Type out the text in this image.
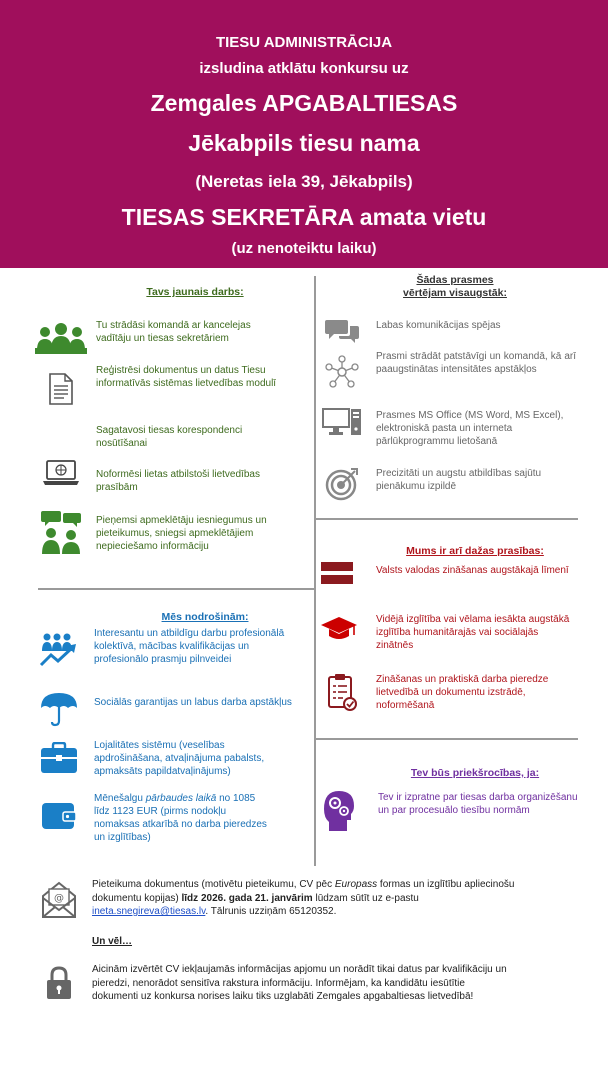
TIESU ADMINISTRĀCIJA
izsludina atklātu konkursu uz
Zemgales APGABALTIESAS
Jēkabpils tiesu nama
(Neretas iela 39, Jēkabpils)
TIESAS SEKRETĀRA amata vietu
(uz nenoteiktu laiku)
Tavs jaunais darbs:
Tu strādāsi komandā ar kancelejas vadītāju un tiesas sekretāriem
Reģistrēsi dokumentus un datus Tiesu informatīvās sistēmas lietvedības modulī
Sagatavosi tiesas korespondenci nosūtīšanai
Noformēsi lietas atbilstoši lietvedības prasībām
Pieņemsi apmeklētāju iesniegumus un pieteikumus, sniegsi apmeklētājiem nepieciešamo informāciju
Šādas prasmes
vērtējam visaugstāk:
Labas komunikācijas spējas
Prasmi strādāt patstāvīgi un komandā, kā arī paaugstinātas intensitātes apstākļos
Prasmes MS Office (MS Word, MS Excel), elektroniskā pasta un interneta pārlūkprogrammu lietošanā
Precizitāti un augstu atbildības sajūtu pienākumu izpildē
Mums ir arī dažas prasības:
Valsts valodas zināšanas augstākajā līmenī
Vidējā izglītība vai vēlama iesākta augstākā izglītība humanitārajās vai sociālajās zinātnēs
Zināšanas un praktiskā darba pieredze lietvedībā un dokumentu izstrādē, noformēšanā
Tev būs priekšrocības, ja:
Tev ir izpratne par tiesas darba organizēšanu un par procesuālo tiesību normām
Mēs nodrošinām:
Interesantu un atbildīgu darbu profesionālā kolektīvā, mācības kvalifikācijas un profesionālo prasmju pilnveidei
Sociālās garantijas un labus darba apstākļus
Lojalitātes sistēmu (veselības apdrošināšana, atvaļinājuma pabalsts, apmaksāts papildatvaļinājums)
Mēnešalgu pārbaudes laikā no 1085
līdz 1123 EUR (pirms nodokļu
nomaksas atkarībā no darba pieredzes
un izglītības)
@
Pieteikuma dokumentus (motivētu pieteikumu, CV pēc Europass formas un izglītību apliecinošu
dokumentu kopijas) līdz 2026. gada 21. janvārim lūdzam sūtīt uz e-pastu
ineta.snegireva@tiesas.lv. Tālrunis uzziņām 65120352.
Un vēl…
Aicinām izvērtēt CV iekļaujamās informācijas apjomu un norādīt tikai datus par kvalifikāciju un
pieredzi, nenorādot sensitīva rakstura informāciju. Informējam, ka kandidātu iesūtītie
dokumenti uz konkursa norises laiku tiks uzglabāti Zemgales apgabaltiesas lietvedībā!
